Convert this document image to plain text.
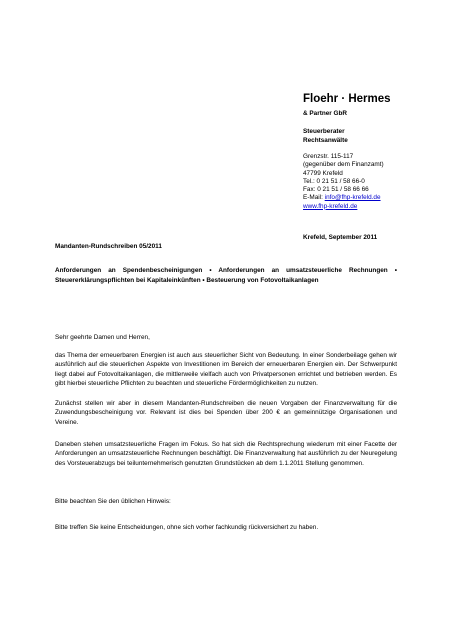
Floehr · Hermes
& Partner GbR
Steuerberater
Rechtsanwälte
Grenzstr. 115-117
(gegenüber dem Finanzamt)
47799 Krefeld
Tel.: 0 21 51 / 58 66-0
Fax: 0 21 51 / 58 66 66
E-Mail: info@fhp-krefeld.de
www.fhp-krefeld.de
Krefeld, September 2011
Mandanten-Rundschreiben 05/2011
Anforderungen an Spendenbescheinigungen • Anforderungen an umsatzsteuerliche Rechnungen • Steuererklärungspflichten bei Kapitaleinkünften • Besteuerung von Fotovoltaikanlagen
Sehr geehrte Damen und Herren,
das Thema der erneuerbaren Energien ist auch aus steuerlicher Sicht von Bedeutung. In einer Sonderbeilage gehen wir ausführlich auf die steuerlichen Aspekte von Investitionen im Bereich der erneuerbaren Energien ein. Der Schwerpunkt liegt dabei auf Fotovoltaikanlagen, die mittlerweile vielfach auch von Privatpersonen errichtet und betrieben werden. Es gibt hierbei steuerliche Pflichten zu beachten und steuerliche Fördermöglichkeiten zu nutzen.
Zunächst stellen wir aber in diesem Mandanten-Rundschreiben die neuen Vorgaben der Finanzverwaltung für die Zuwendungsbescheinigung vor. Relevant ist dies bei Spenden über 200 € an gemeinnützige Organisationen und Vereine.
Daneben stehen umsatzsteuerliche Fragen im Fokus. So hat sich die Rechtsprechung wiederum mit einer Facette der Anforderungen an umsatzsteuerliche Rechnungen beschäftigt. Die Finanzverwaltung hat ausführlich zu der Neuregelung des Vorsteuerabzugs bei teilunternehmerisch genutzten Grundstücken ab dem 1.1.2011 Stellung genommen.
Bitte beachten Sie den üblichen Hinweis:
Bitte treffen Sie keine Entscheidungen, ohne sich vorher fachkundig rückversichert zu haben.
